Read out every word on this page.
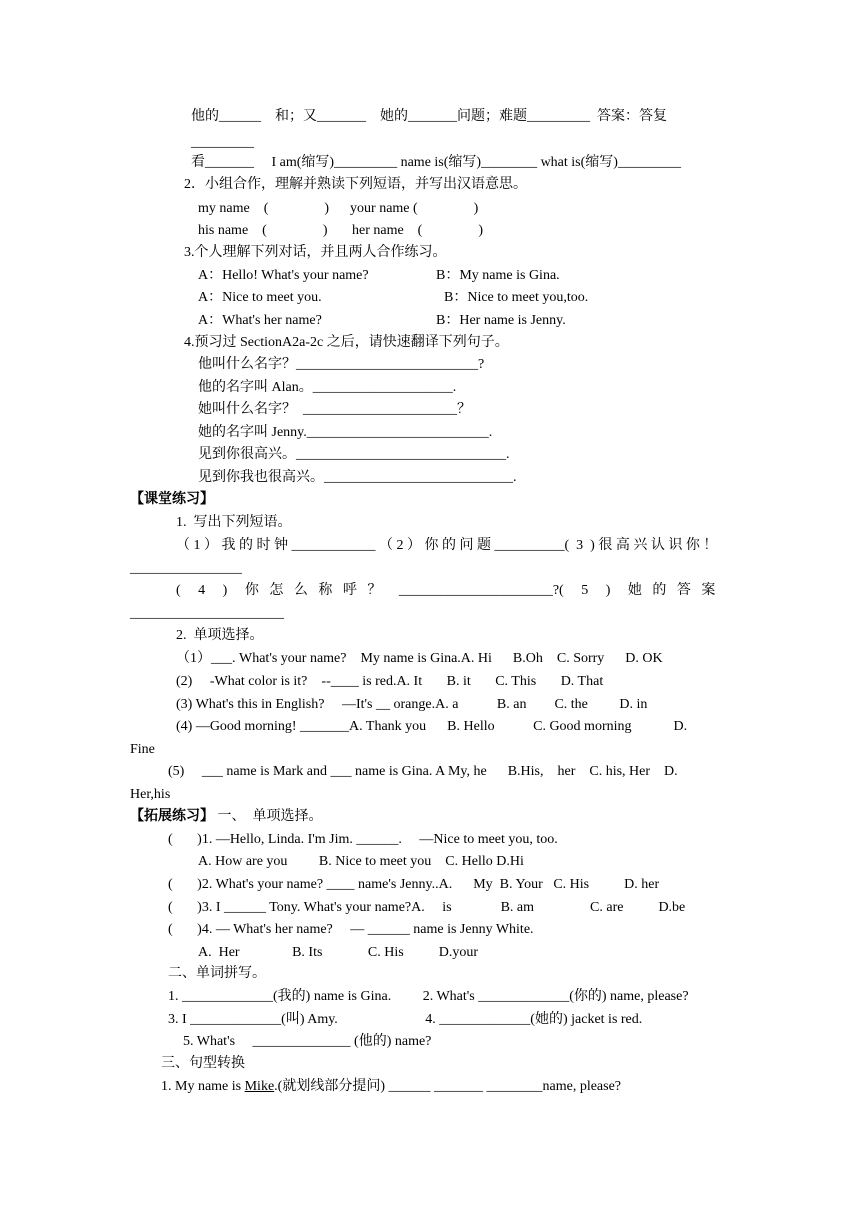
他的______    和；又_______    她的_______问题；难题_________  答案：答复
_________
看_______     I am(缩写)_________ name is(缩写)________ what is(缩写)_________
2．小组合作，理解并熟读下列短语，并写出汉语意思。
my name    (                )      your name (                )
his name    (                )       her name    (                )
3.个人理解下列对话，并且两人合作练习。
A：Hello! What's your name?	B：My name is Gina.
A：Nice to meet you.	B：Nice to meet you,too.
A：What's her name?	B：Her name is Jenny.
4.预习过 SectionA2a-2c 之后，请快速翻译下列句子。
他叫什么名字？__________________________?
他的名字叫 Alan。____________________.
她叫什么名字？  ______________________？
她的名字叫 Jenny.__________________________.
见到你很高兴。______________________________.
见到你我也很高兴。___________________________.
【课堂练习】
1.  写出下列短语。
（ 1 ） 我 的 时 钟 ____________ （ 2 ） 你 的 问 题 __________(  3  ) 很 高 兴 认 识 你 ！
________________
(     4     )     你   怎   么   称   呼   ？     ______________________?(     5     )     她   的   答   案
______________________
2.  单项选择。
（1）___. What's your name?    My name is Gina.A. Hi      B.Oh    C. Sorry      D. OK
(2)     -What color is it?    --____ is red.A. It       B. it       C. This       D. That
(3) What's this in English?     —It's __ orange.A. a           B. an        C. the         D. in
(4) —Good morning! _______A. Thank you      B. Hello           C. Good morning            D.
Fine
(5)     ___ name is Mark and ___ name is Gina. A My, he      B.His,    her    C. his, Her    D.
Her,his
【拓展练习】 一、  单项选择。
(       )1. —Hello, Linda. I'm Jim. ______.     —Nice to meet you, too.
A. How are you         B. Nice to meet you    C. Hello D.Hi
(       )2. What's your name? ____ name's Jenny..A.      My  B. Your   C. His          D. her
(       )3. I ______ Tony. What's your name?A.     is              B. am                C. are          D.be
(       )4. — What's her name?     — ______ name is Jenny White.
A.  Her               B. Its             C. His          D.your
二、单词拼写。
1. _____________(我的) name is Gina.         2. What's _____________(你的) name, please?
3. I _____________(叫) Amy.                         4. _____________(她的) jacket is red.
5. What's     ______________ (他的) name?
三、句型转换
1. My name is Mike.(就划线部分提问) ______ _______ ________name, please?
